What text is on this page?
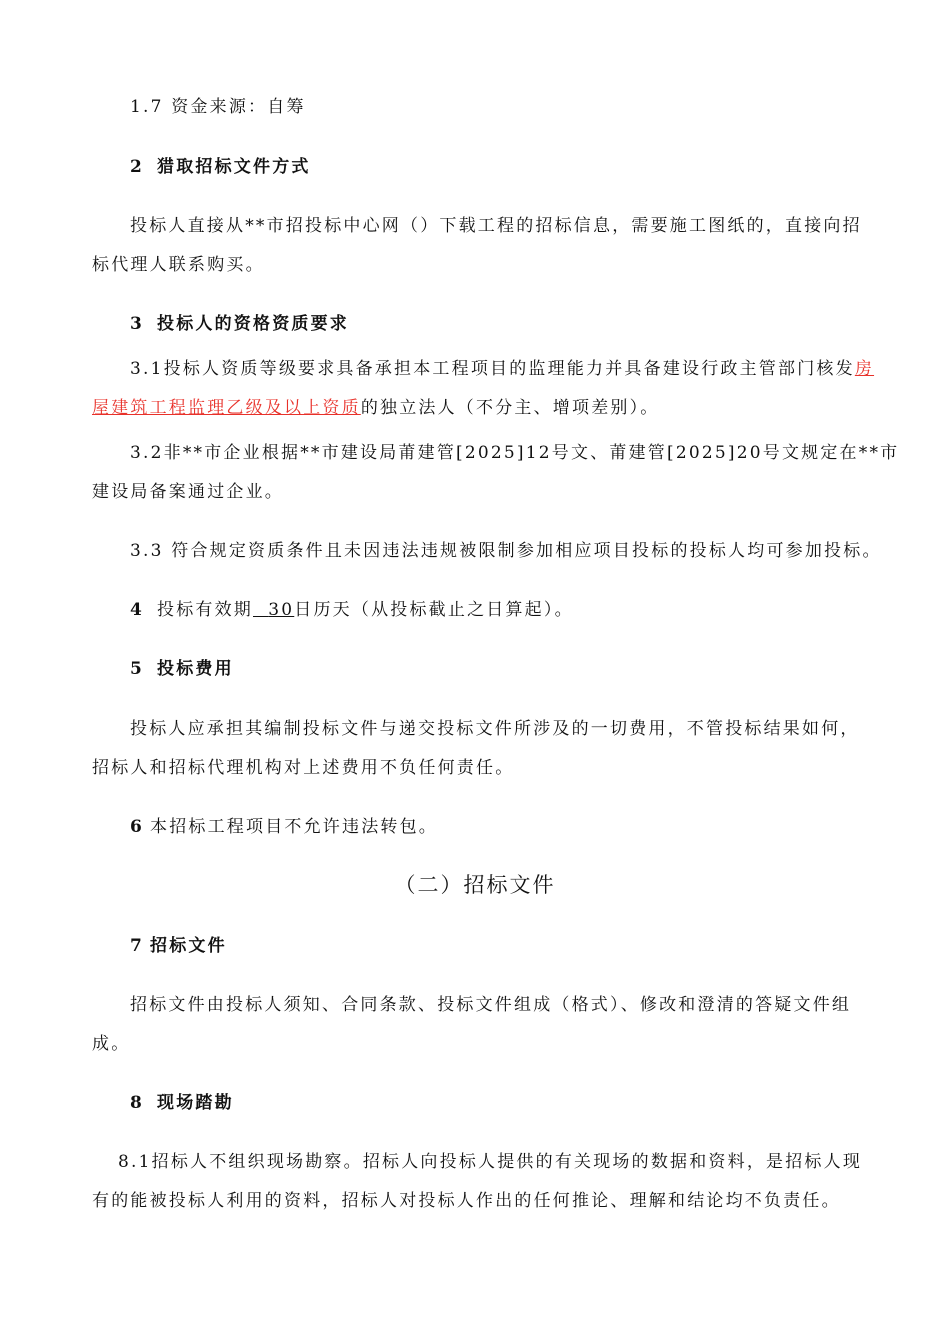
1.7 资金来源：自筹
2 猎取招标文件方式
投标人直接从**市招投标中心网（）下载工程的招标信息，需要施工图纸的，直接向招
标代理人联系购买。
3 投标人的资格资质要求
3.1投标人资质等级要求具备承担本工程项目的监理能力并具备建设行政主管部门核发房
屋建筑工程监理乙级及以上资质的独立法人（不分主、增项差别）。
3.2非**市企业根据**市建设局莆建管[2025]12号文、莆建管[2025]20号文规定在**市
建设局备案通过企业。
3.3 符合规定资质条件且未因违法违规被限制参加相应项目投标的投标人均可参加投标。
4 投标有效期 30日历天（从投标截止之日算起）。
5 投标费用
投标人应承担其编制投标文件与递交投标文件所涉及的一切费用，不管投标结果如何，
招标人和招标代理机构对上述费用不负任何责任。
6 本招标工程项目不允许违法转包。
（二）招标文件
7 招标文件
招标文件由投标人须知、合同条款、投标文件组成（格式）、修改和澄清的答疑文件组
成。
8 现场踏勘
8.1招标人不组织现场勘察。招标人向投标人提供的有关现场的数据和资料，是招标人现
有的能被投标人利用的资料，招标人对投标人作出的任何推论、理解和结论均不负责任。
